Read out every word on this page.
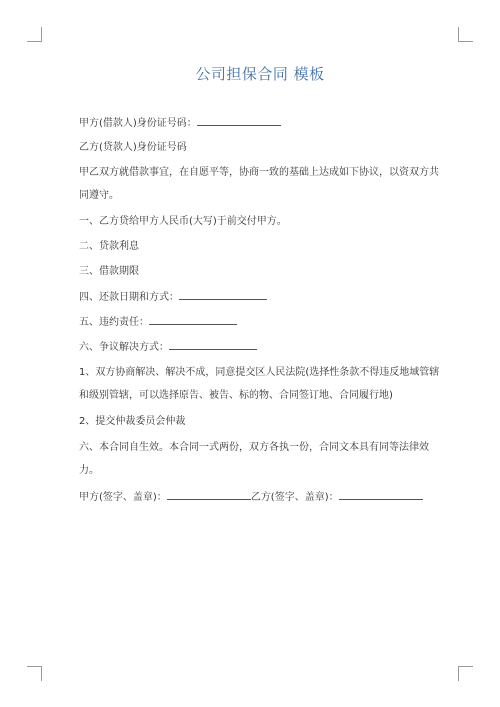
公司担保合同 模板

甲方(借款人)身份证号码：

乙方(贷款人)身份证号码

甲乙双方就借款事宜，在自愿平等，协商一致的基础上达成如下协议，以资双方共同遵守。

一、乙方贷给甲方人民币(大写)于前交付甲方。

二、贷款利息

三、借款期限

四、还款日期和方式：

五、违约责任：

六、争议解决方式：

1、双方协商解决、解决不成，同意提交区人民法院(选择性条款不得违反地域管辖和级别管辖，可以选择原告、被告、标的物、合同签订地、合同履行地)

2、提交仲裁委员会仲裁

六、本合同自生效。本合同一式两份，双方各执一份，合同文本具有同等法律效力。

甲方(签字、盖章)：	乙方(签字、盖章)：
